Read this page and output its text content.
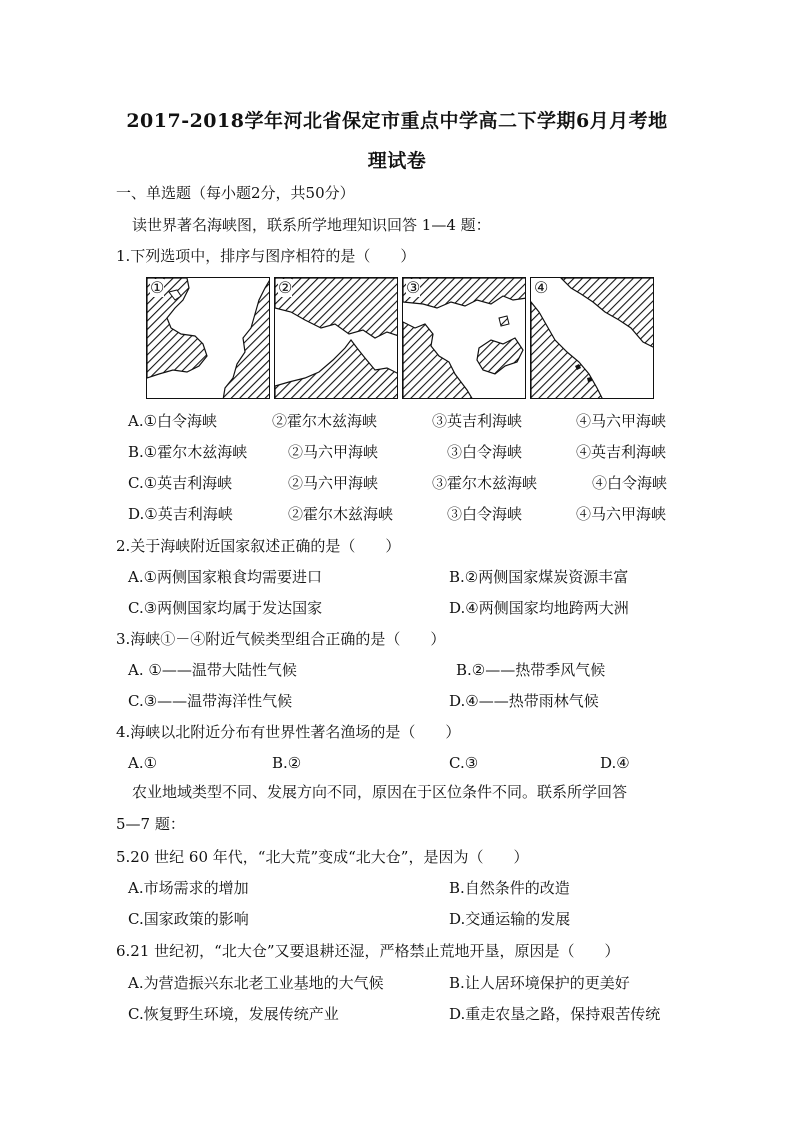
2017-2018学年河北省保定市重点中学高二下学期6月月考地
理试卷
一、单选题（每小题2分，共50分）
读世界著名海峡图，联系所学地理知识回答 1—4 题：
1.下列选项中，排序与图序相符的是（　　）
①	②	③	④
A.①白令海峡	②霍尔木兹海峡	③英吉利海峡	④马六甲海峡
B.①霍尔木兹海峡	②马六甲海峡	③白令海峡	④英吉利海峡
C.①英吉利海峡	②马六甲海峡	③霍尔木兹海峡	④白令海峡
D.①英吉利海峡	②霍尔木兹海峡	③白令海峡	④马六甲海峡
2.关于海峡附近国家叙述正确的是（　　）
A.①两侧国家粮食均需要进口	B.②两侧国家煤炭资源丰富
C.③两侧国家均属于发达国家	D.④两侧国家均地跨两大洲
3.海峡①－④附近气候类型组合正确的是（　　）
A. ①——温带大陆性气候	B.②——热带季风气候
C.③——温带海洋性气候	D.④——热带雨林气候
4.海峡以北附近分布有世界性著名渔场的是（　　）
A.①	B.②	C.③	D.④
农业地域类型不同、发展方向不同，原因在于区位条件不同。联系所学回答
5—7 题：
5.20 世纪 60 年代，“北大荒”变成“北大仓”，是因为（　　）
A.市场需求的增加	B.自然条件的改造
C.国家政策的影响	D.交通运输的发展
6.21 世纪初，“北大仓”又要退耕还湿，严格禁止荒地开垦，原因是（　　）
A.为营造振兴东北老工业基地的大气候	B.让人居环境保护的更美好
C.恢复野生环境，发展传统产业	D.重走农垦之路，保持艰苦传统
